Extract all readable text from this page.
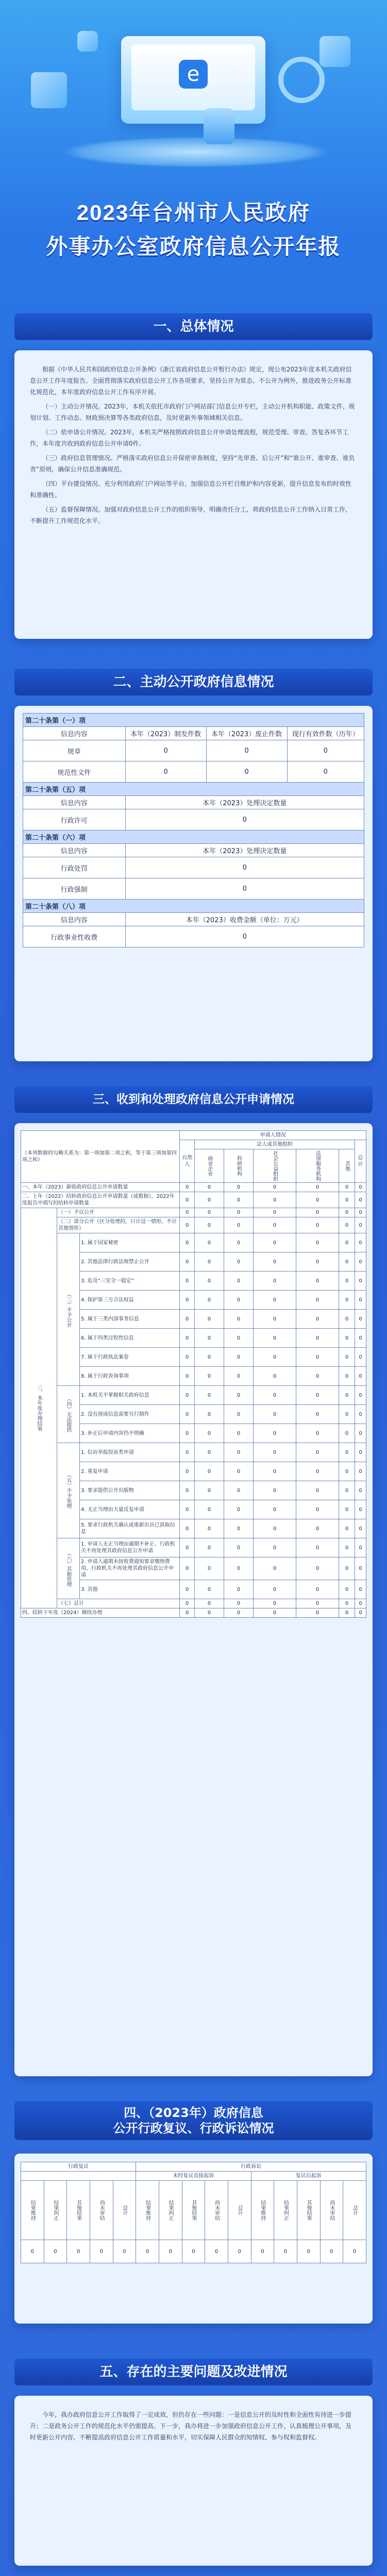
e
2023年台州市人民政府
外事办公室政府信息公开年报
一、总体情况

根据《中华人民共和国政府信息公开条例》《浙江省政府信息公开暂行办法》规定，现公布2023年度本机关政府信息公开工作年度报告。全面贯彻落实政府信息公开工作各项要求，坚持公开为常态、不公开为例外，推进政务公开标准化规范化，本年度政府信息公开工作有序开展。

（一）主动公开情况。2023年，本机关依托市政府门户网站部门信息公开专栏，主动公开机构职能、政策文件、规划计划、工作动态、财政预决算等各类政府信息，及时更新外事领域相关信息。

（二）依申请公开情况。2023年，本机关严格按照政府信息公开申请处理流程，规范受理、审查、答复各环节工作，本年度共收到政府信息公开申请0件。

（三）政府信息管理情况。严格落实政府信息公开保密审查制度，坚持“先审查、后公开”和“谁公开、谁审查、谁负责”原则，确保公开信息准确规范。

（四）平台建设情况。充分利用政府门户网站等平台，加强信息公开栏目维护和内容更新，提升信息发布的时效性和准确性。

（五）监督保障情况。加强对政府信息公开工作的组织领导，明确责任分工，将政府信息公开工作纳入日常工作，不断提升工作规范化水平。

二、主动公开政府信息情况
第二十条第（一）项			
信息内容	本年（2023）制发件数	本年（2023）废止件数	现行有效件数（历年）
规章	0	0	0
规范性文件	0	0	0
第二十条第（五）项			
信息内容	本年（2023）处理决定数量		
行政许可	0		
第二十条第（六）项			
信息内容	本年（2023）处理决定数量		
行政处罚	0		
行政强制	0		
第二十条第（八）项			
信息内容	本年（2023）收费金额（单位：万元）		
行政事业性收费	0		
三、收到和处理政府信息公开申请情况
（本列数据的勾稽关系为：第一项加第二项之和，等于第三项加第四项之和）			申请人情况						
			自然人	法人或其他组织					总计
				商业企业	科研机构	社会公益组织	法律服务机构	其他	
一、本年（2023）新收政府信息公开申请数量			0	0	0	0	0	0	0
二、上年（2022）结转政府信息公开申请数量（或数据），2022年度报告中填写的结转申请数量			0	0	0	0	0	0	0
三、本年度办理结果	（一）予以公开		0	0	0	0	0	0	0
	（二）部分公开（区分处理的，只计这一情形，不计其他情形）		0	0	0	0	0	0	0
	（三）不予公开	1. 属于国家秘密	0	0	0	0	0	0	0
		2. 其他法律行政法规禁止公开	0	0	0	0	0	0	0
		3. 危及“三安全一稳定”	0	0	0	0	0	0	0
		4. 保护第三方合法权益	0	0	0	0	0	0	0
		5. 属于三类内部事务信息	0	0	0	0	0	0	0
		6. 属于四类过程性信息	0	0	0	0	0	0	0
		7. 属于行政执法案卷	0	0	0	0	0	0	0
		8. 属于行政查询事项	0	0	0	0	0	0	0
	（四）无法提供	1. 本机关不掌握相关政府信息	0	0	0	0	0	0	0
		2. 没有现成信息需要另行制作	0	0	0	0	0	0	0
		3. 补正后申请内容仍不明确	0	0	0	0	0	0	0
	（五）不予处理	1. 信访举报投诉类申请	0	0	0	0	0	0	0
		2. 重复申请	0	0	0	0	0	0	0
		3. 要求提供公开出版物	0	0	0	0	0	0	0
		4. 无正当理由大量反复申请	0	0	0	0	0	0	0
		5. 要求行政机关确认或重新出具已获取信息	0	0	0	0	0	0	0
	（六）其他处理	1. 申请人无正当理由逾期不补正、行政机关不再处理其政府信息公开申请	0	0	0	0	0	0	0
		2. 申请人逾期未按收费通知要求缴纳费用、行政机关不再处理其政府信息公开申请	0	0	0	0	0	0	0
		3. 其他	0	0	0	0	0	0	0
	（七）总计		0	0	0	0	0	0	0
四、结转下年度（2024）继续办理			0	0	0	0	0	0	0
四、（2023年）政府信息
公开行政复议、行政诉讼情况
行政复议					行政诉讼									
					未经复议直接起诉					复议后起诉				
结果维持	结果纠正	其他结果	尚未审结	总计	结果维持	结果纠正	其他结果	尚未审结	总计	结果维持	结果纠正	其他结果	尚未审结	总计
0	0	0	0	0	0	0	0	0	0	0	0	0	0	0
五、存在的主要问题及改进情况

今年，我办政府信息公开工作取得了一定成效，但仍存在一些问题：一是信息公开的及时性和全面性有待进一步提升；二是政务公开工作的规范化水平仍需提高。下一步，我办将进一步加强政府信息公开工作，认真梳理公开事项，及时更新公开内容，不断提高政府信息公开工作质量和水平，切实保障人民群众的知情权、参与权和监督权。
